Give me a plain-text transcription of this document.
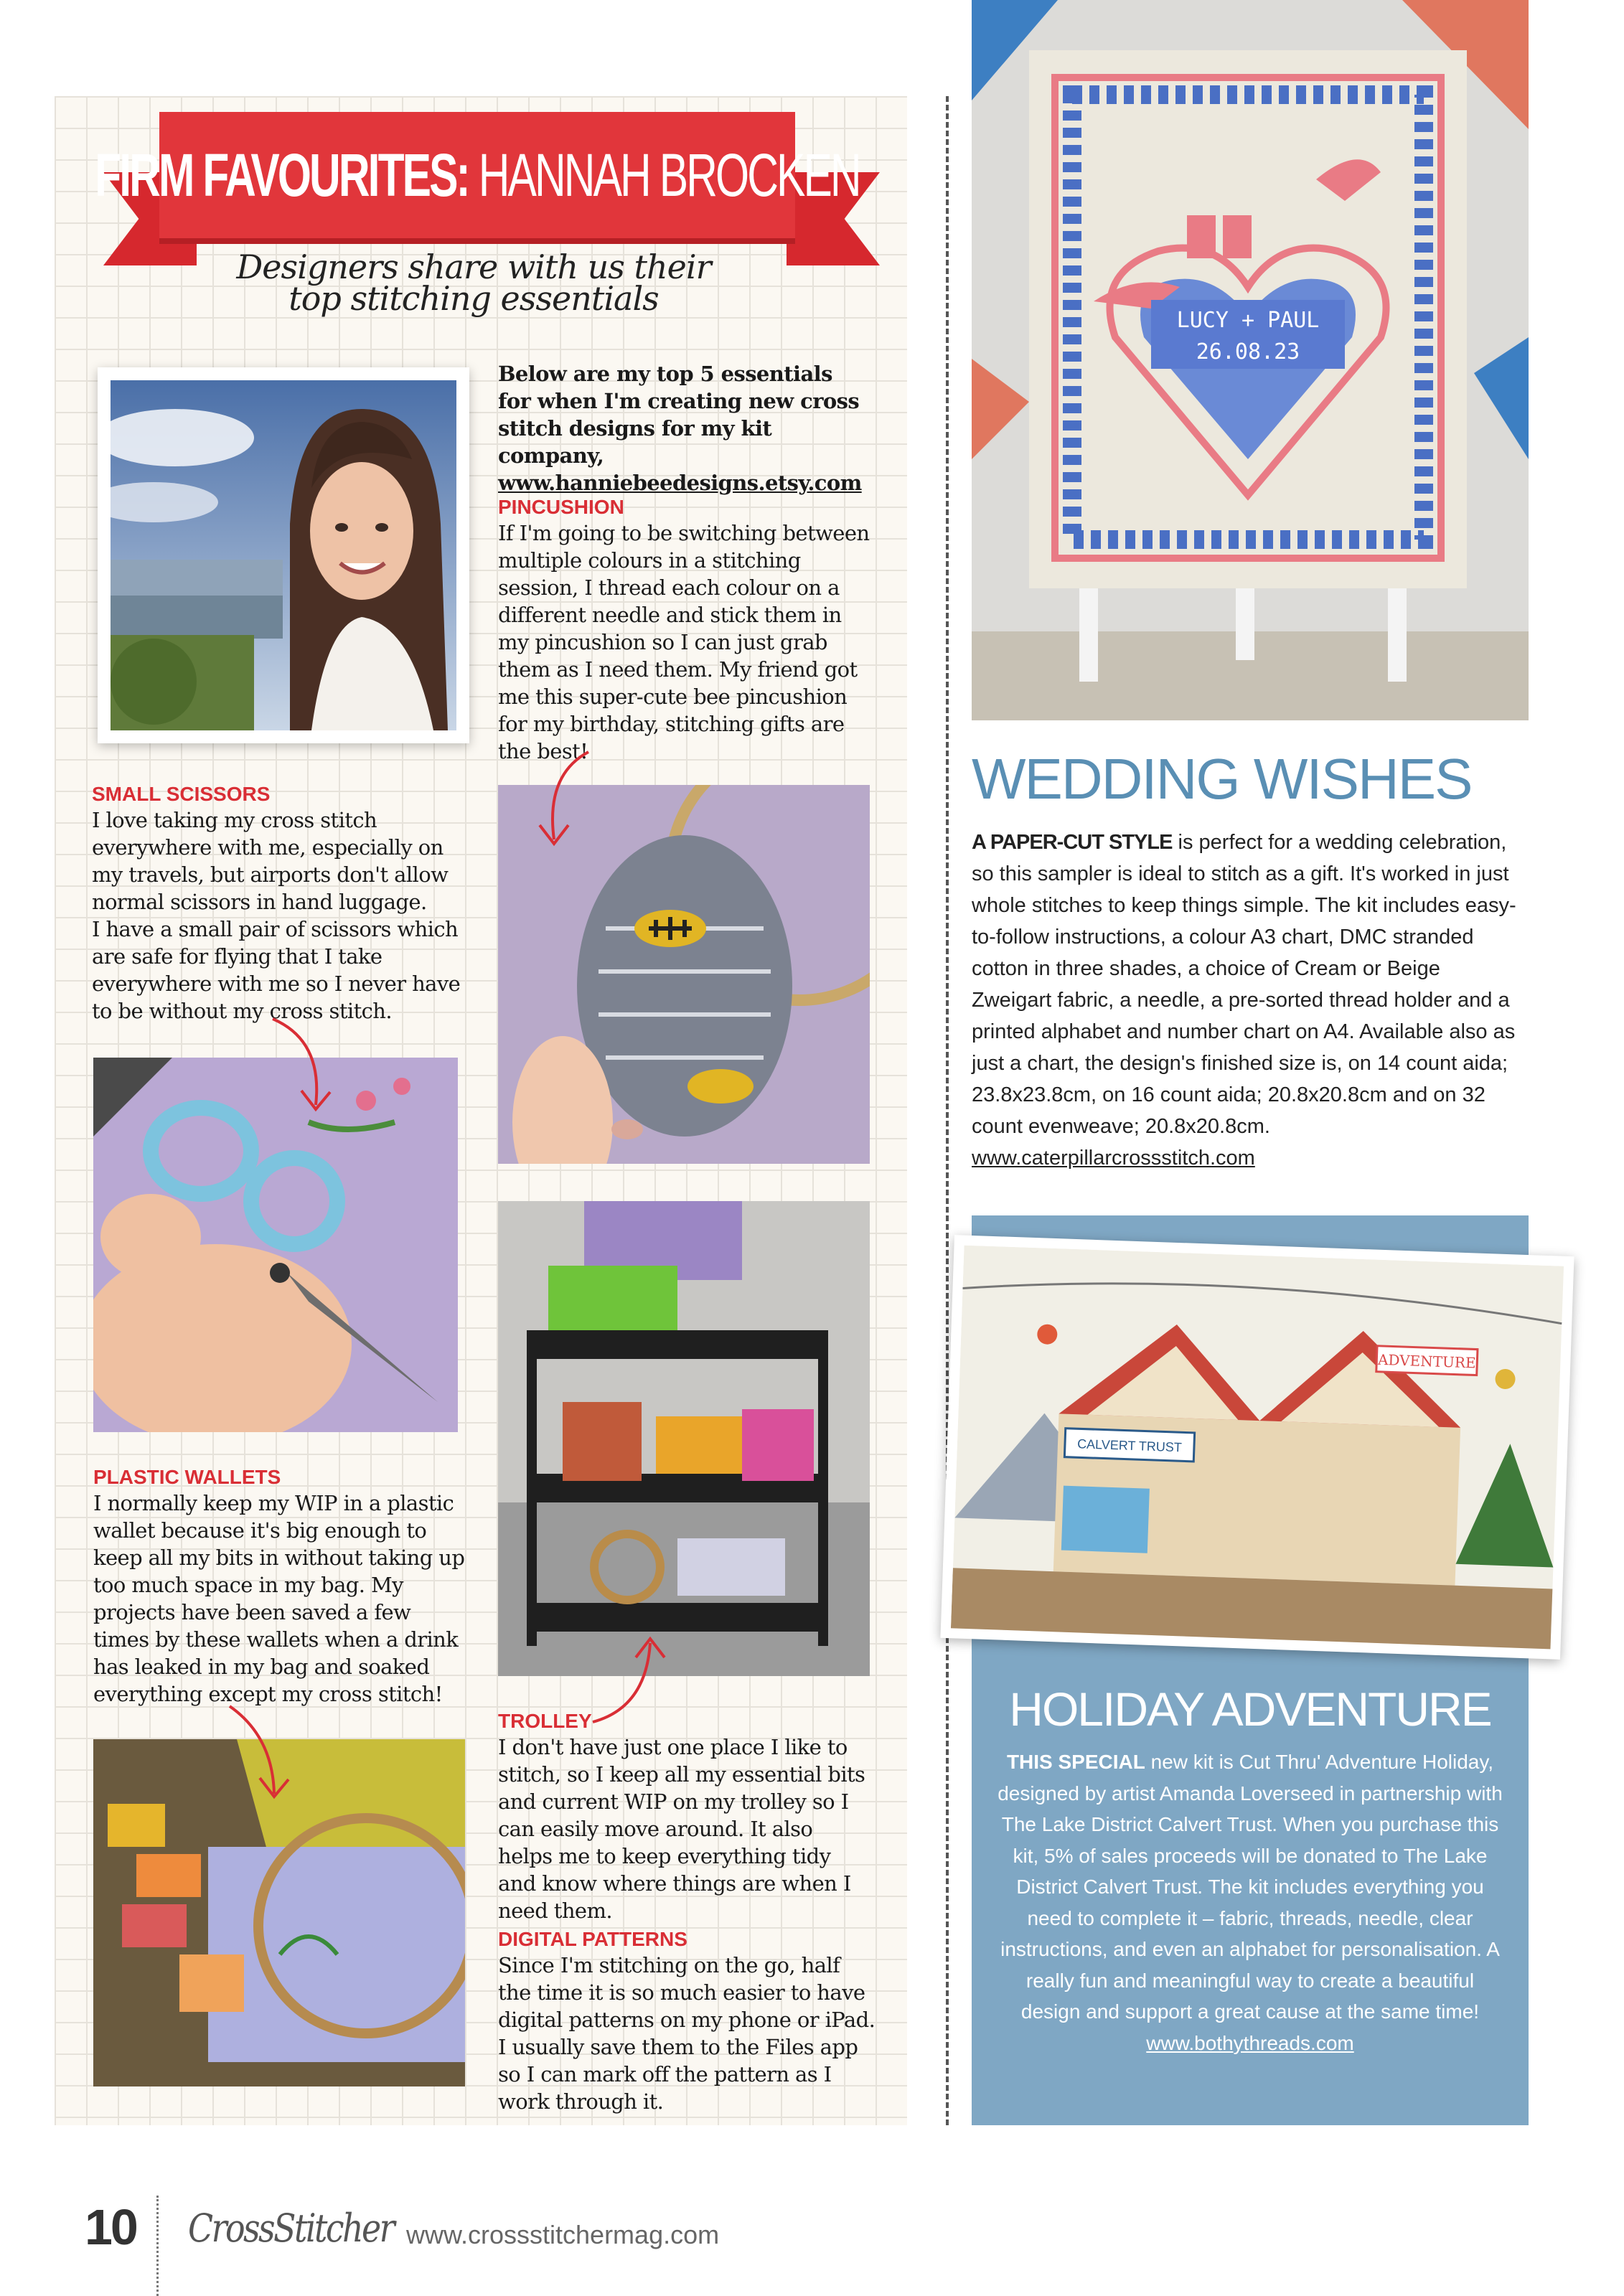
FIRM FAVOURITES: HANNAH BROCKEN
Designers share with us their
top stitching essentials

Below are my top 5 essentials for when I'm creating new cross stitch designs for my kit company,

www.hanniebeedesigns.etsy.com

PINCUSHION
If I'm going to be switching between multiple colours in a stitching session, I thread each colour on a different needle and stick them in my pincushion so I can just grab them as I need them. My friend got me this super-cute bee pincushion for my birthday, stitching gifts are the best!
SMALL SCISSORS
I love taking my cross stitch everywhere with me, especially on my travels, but airports don't allow normal scissors in hand luggage.
I have a small pair of scissors which are safe for flying that I take everywhere with me so I never have to be without my cross stitch.
PLASTIC WALLETS
I normally keep my WIP in a plastic wallet because it's big enough to keep all my bits in without taking up too much space in my bag. My projects have been saved a few times by these wallets when a drink has leaked in my bag and soaked everything except my cross stitch!
TROLLEY
I don't have just one place I like to stitch, so I keep all my essential bits and current WIP on my trolley so I can easily move around. It also helps me to keep everything tidy and know where things are when I need them.
DIGITAL PATTERNS
Since I'm stitching on the go, half the time it is so much easier to have digital patterns on my phone or iPad. I usually save them to the Files app so I can mark off the pattern as I work through it.
LUCY + PAUL
26.08.23
WEDDING WISHES
A PAPER-CUT STYLE is perfect for a wedding celebration, so this sampler is ideal to stitch as a gift. It's worked in just whole stitches to keep things simple. The kit includes easy-to-follow instructions, a colour A3 chart, DMC stranded cotton in three shades, a choice of Cream or Beige Zweigart fabric, a needle, a pre-sorted thread holder and a printed alphabet and number chart on A4. Available also as just a chart, the design's finished size is, on 14 count aida; 23.8x23.8cm, on 16 count aida; 20.8x20.8cm and on 32 count evenweave; 20.8x20.8cm.
www.caterpillarcrossstitch.com
ADVENTURE
CALVERT TRUST
HOLIDAY ADVENTURE
THIS SPECIAL new kit is Cut Thru' Adventure Holiday, designed by artist Amanda Loverseed in partnership with The Lake District Calvert Trust. When you purchase this kit, 5% of sales proceeds will be donated to The Lake District Calvert Trust. The kit includes everything you need to complete it – fabric, threads, needle, clear instructions, and even an alphabet for personalisation. A really fun and meaningful way to create a beautiful design and support a great cause at the same time!
www.bothythreads.com
10 CrossStitcher www.crossstitchermag.com
